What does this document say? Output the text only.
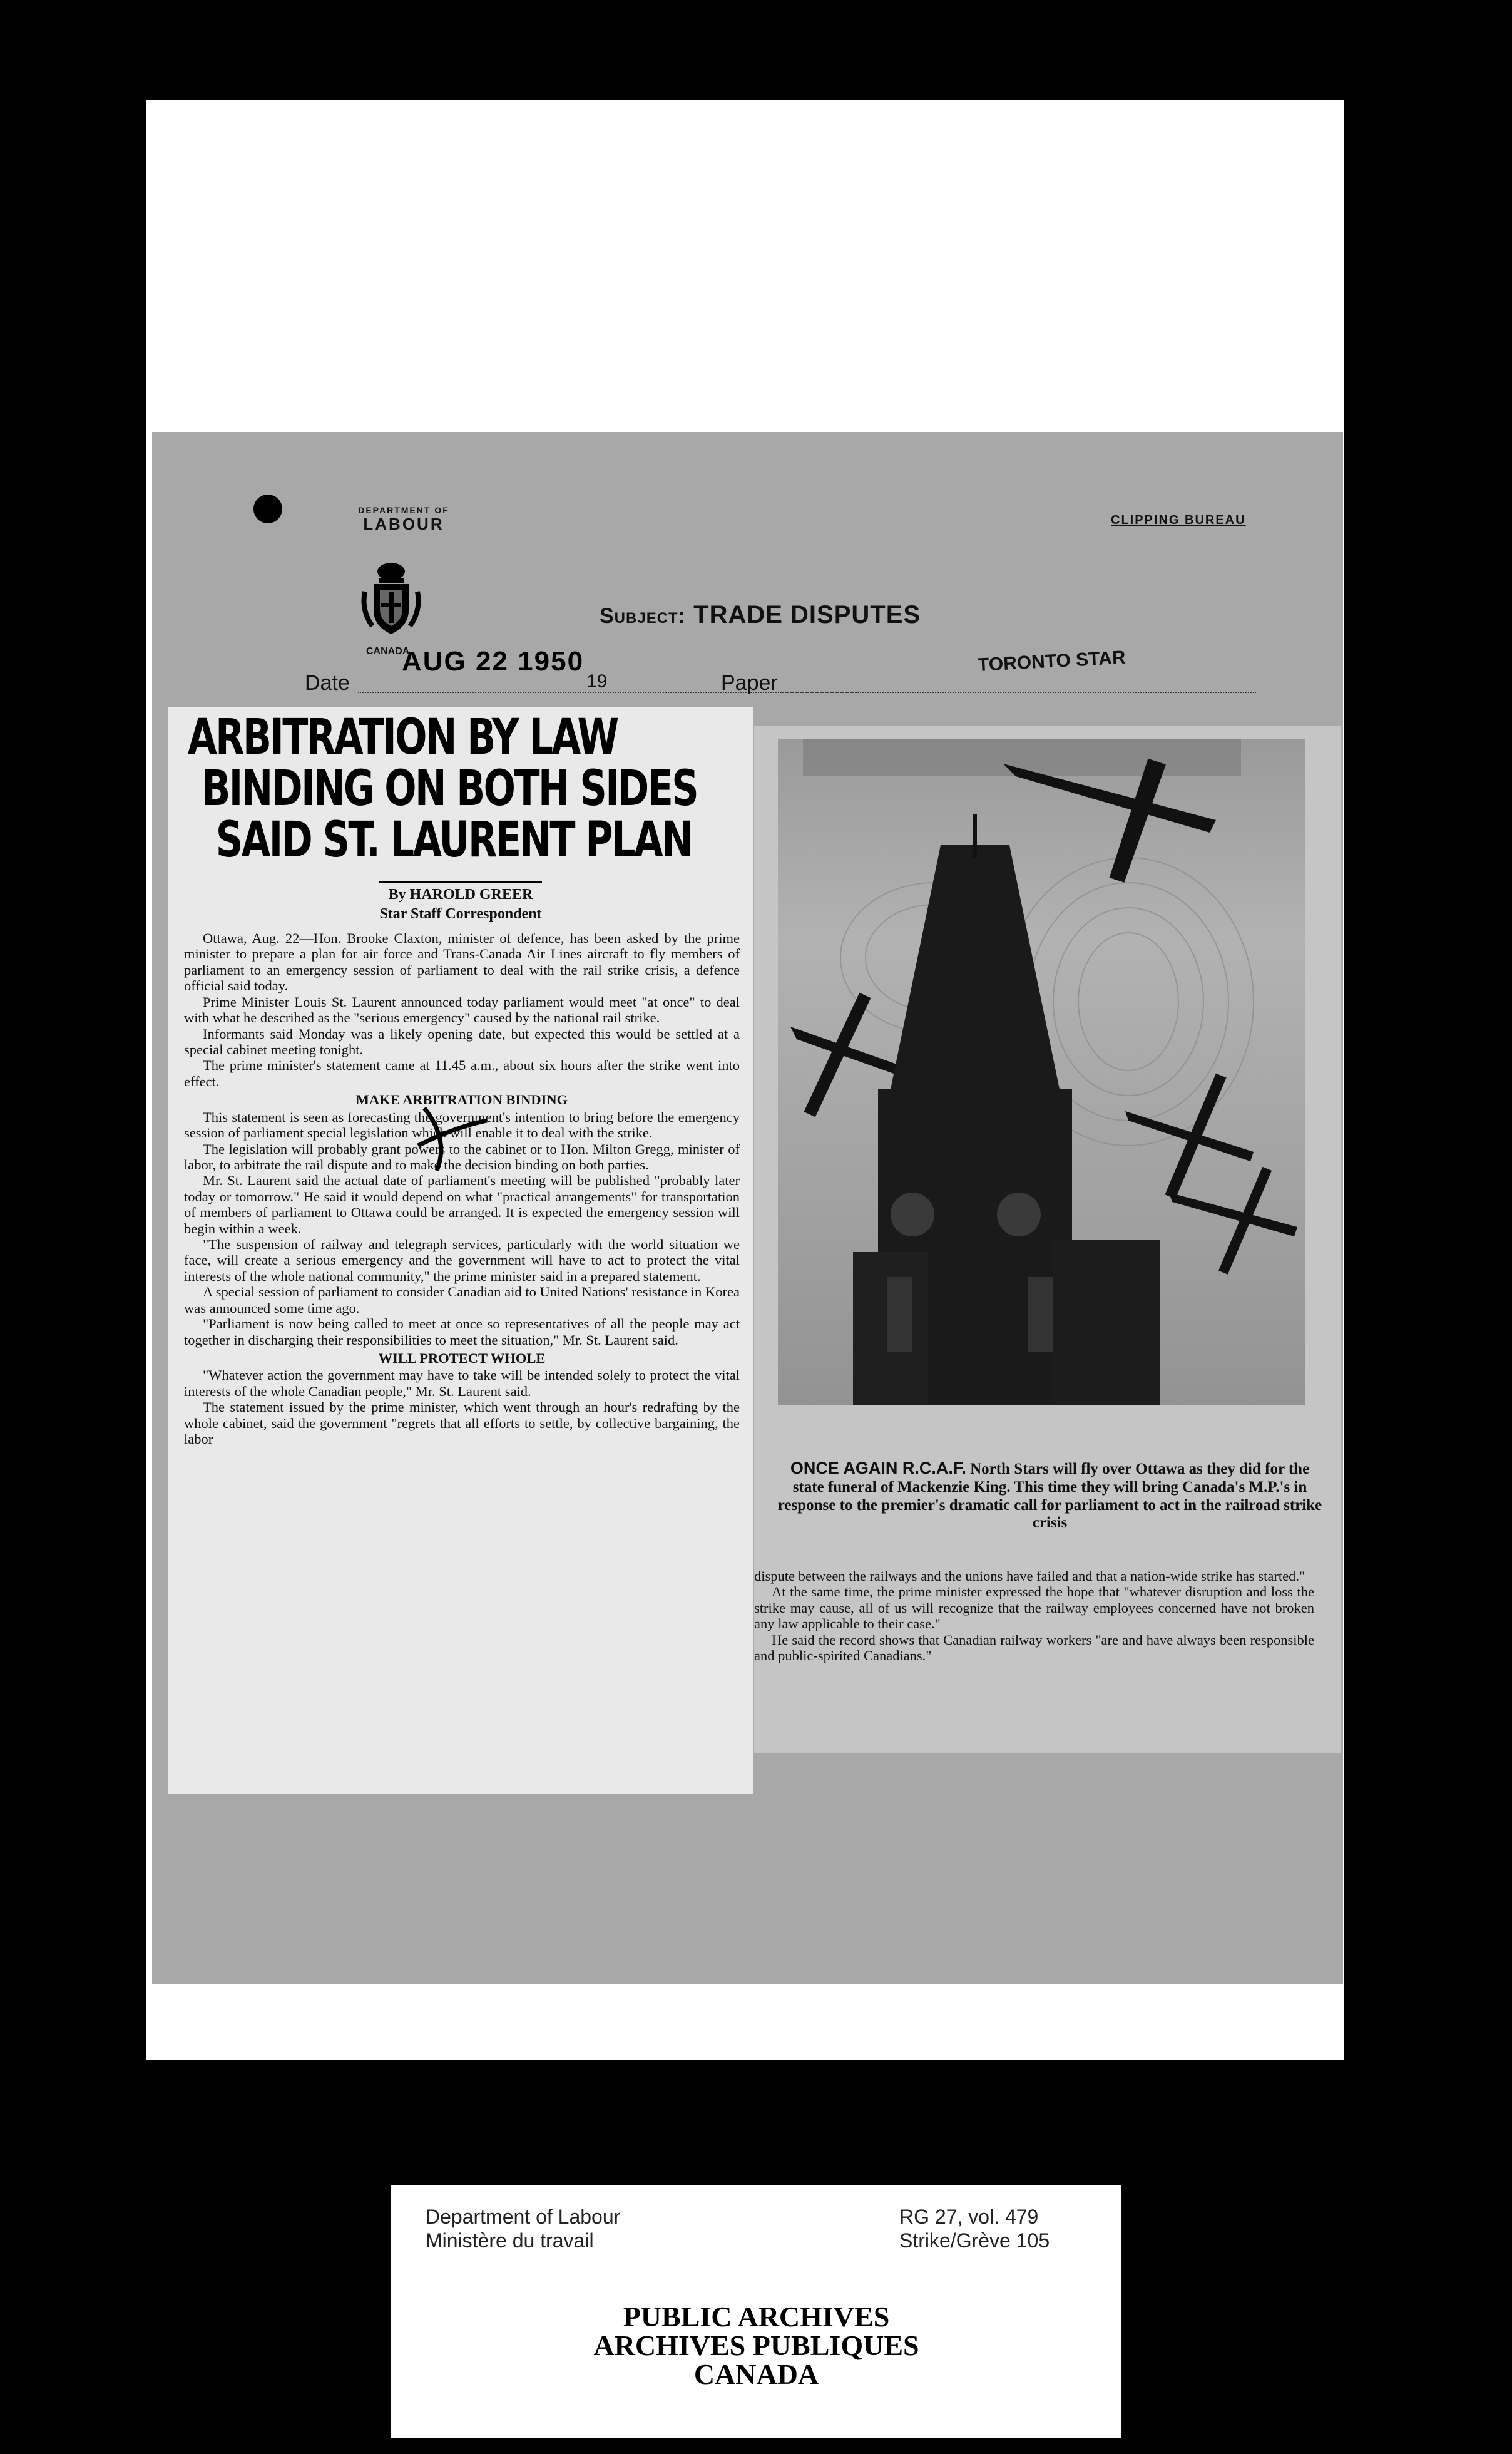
DEPARTMENT OF
LABOUR	CLIPPING BUREAU
Subject: TRADE DISPUTES
Date
CANADA
AUG 22 1950
19	Paper
TORONTO STAR
ARBITRATION BY LAW
BINDING ON BOTH SIDES
SAID ST. LAURENT PLAN
By HAROLD GREER
Star Staff Correspondent

Ottawa, Aug. 22—Hon. Brooke Claxton, minister of defence, has been asked by the prime minister to prepare a plan for air force and Trans-Canada Air Lines aircraft to fly members of parliament to an emergency session of parliament to deal with the rail strike crisis, a defence official said today.

Prime Minister Louis St. Laurent announced today parliament would meet "at once" to deal with what he described as the "serious emergency" caused by the national rail strike.

Informants said Monday was a likely opening date, but expected this would be settled at a special cabinet meeting tonight.

The prime minister's statement came at 11.45 a.m., about six hours after the strike went into effect.

MAKE ARBITRATION BINDING

This statement is seen as forecasting the government's intention to bring before the emergency session of parliament special legislation which will enable it to deal with the strike.

The legislation will probably grant powers to the cabinet or to Hon. Milton Gregg, minister of labor, to arbitrate the rail dispute and to make the decision binding on both parties.

Mr. St. Laurent said the actual date of parliament's meeting will be published "probably later today or tomorrow." He said it would depend on what "practical arrangements" for transportation of members of parliament to Ottawa could be arranged. It is expected the emergency session will begin within a week.

"The suspension of railway and telegraph services, particularly with the world situation we face, will create a serious emergency and the government will have to act to protect the vital interests of the whole national community," the prime minister said in a prepared statement.

A special session of parliament to consider Canadian aid to United Nations' resistance in Korea was announced some time ago.

"Parliament is now being called to meet at once so representatives of all the people may act together in discharging their responsibilities to meet the situation," Mr. St. Laurent said.

WILL PROTECT WHOLE

"Whatever action the government may have to take will be intended solely to protect the vital interests of the whole Canadian people," Mr. St. Laurent said.

The statement issued by the prime minister, which went through an hour's redrafting by the whole cabinet, said the government "regrets that all efforts to settle, by collective bargaining, the labor

ONCE AGAIN R.C.A.F. North Stars will fly over Ottawa as they did for the state funeral of Mackenzie King. This time they will bring Canada's M.P.'s in response to the premier's dramatic call for parliament to act in the railroad strike crisis

dispute between the railways and the unions have failed and that a nation-wide strike has started."

At the same time, the prime minister expressed the hope that "whatever disruption and loss the strike may cause, all of us will recognize that the railway employees concerned have not broken any law applicable to their case."

He said the record shows that Canadian railway workers "are and have always been responsible and public-spirited Canadians."

Department of Labour
Ministère du travail
RG 27, vol. 479
Strike/Grève 105
PUBLIC ARCHIVES
ARCHIVES PUBLIQUES
CANADA
